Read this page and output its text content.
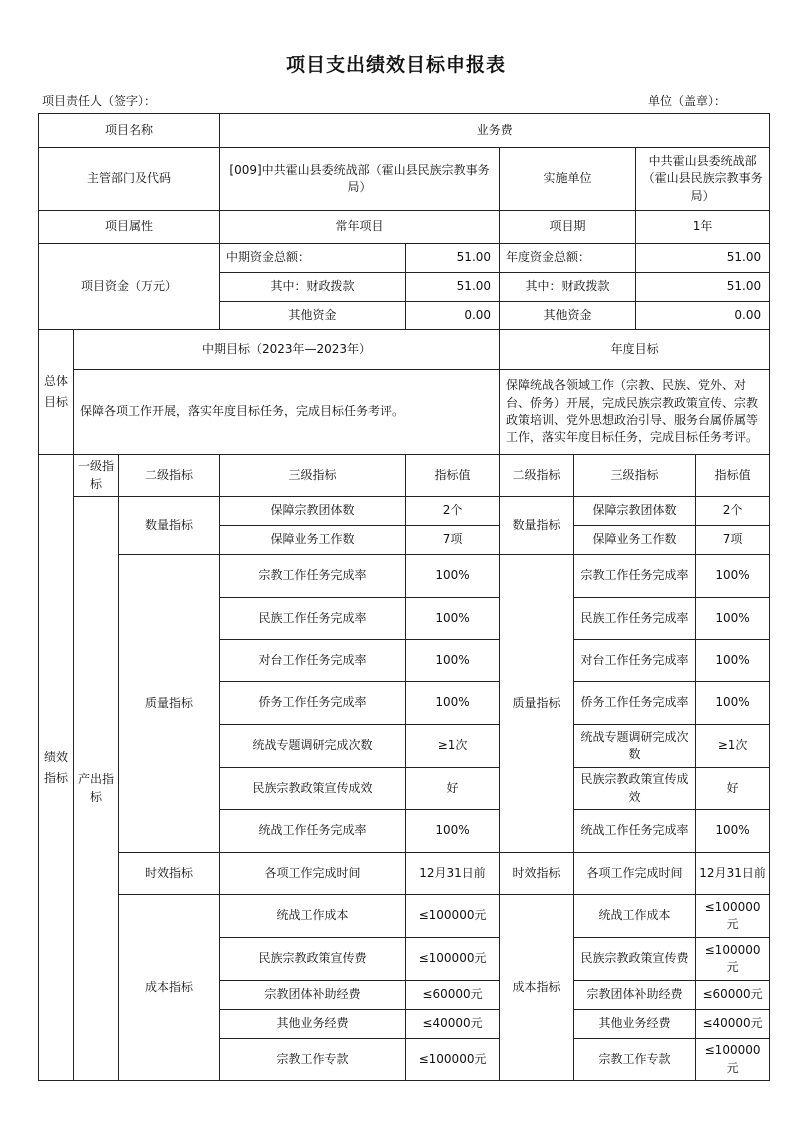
项目支出绩效目标申报表
项目责任人（签字）：	单位（盖章）：
项目名称			业务费					
主管部门及代码			[009]中共霍山县委统战部（霍山县民族宗教事务局）		实施单位		中共霍山县委统战部（霍山县民族宗教事务局）	
项目属性			常年项目		项目期		1年	
项目资金（万元）			中期资金总额：	51.00	年度资金总额：		51.00	
			其中：财政拨款	51.00	其中：财政拨款		51.00	
			其他资金	0.00	其他资金		0.00	
总体目标	中期目标（2023年—2023年）				年度目标			
	保障各项工作开展，落实年度目标任务，完成目标任务考评。				保障统战各领域工作（宗教、民族、党外、对台、侨务）开展，完成民族宗教政策宣传、宗教政策培训、党外思想政治引导、服务台属侨属等工作，落实年度目标任务，完成目标任务考评。			
绩效指标	一级指标	二级指标	三级指标	指标值	二级指标	三级指标		指标值
	产出指标	数量指标	保障宗教团体数	2个	数量指标	保障宗教团体数		2个
			保障业务工作数	7项		保障业务工作数		7项
		质量指标	宗教工作任务完成率	100%	质量指标	宗教工作任务完成率		100%
			民族工作任务完成率	100%		民族工作任务完成率		100%
			对台工作任务完成率	100%		对台工作任务完成率		100%
			侨务工作任务完成率	100%		侨务工作任务完成率		100%
			统战专题调研完成次数	≥1次		统战专题调研完成次数		≥1次
			民族宗教政策宣传成效	好		民族宗教政策宣传成效		好
			统战工作任务完成率	100%		统战工作任务完成率		100%
		时效指标	各项工作完成时间	12月31日前	时效指标	各项工作完成时间		12月31日前
		成本指标	统战工作成本	≤100000元	成本指标	统战工作成本		≤100000元
			民族宗教政策宣传费	≤100000元		民族宗教政策宣传费		≤100000元
			宗教团体补助经费	≤60000元		宗教团体补助经费		≤60000元
			其他业务经费	≤40000元		其他业务经费		≤40000元
			宗教工作专款	≤100000元		宗教工作专款		≤100000元
